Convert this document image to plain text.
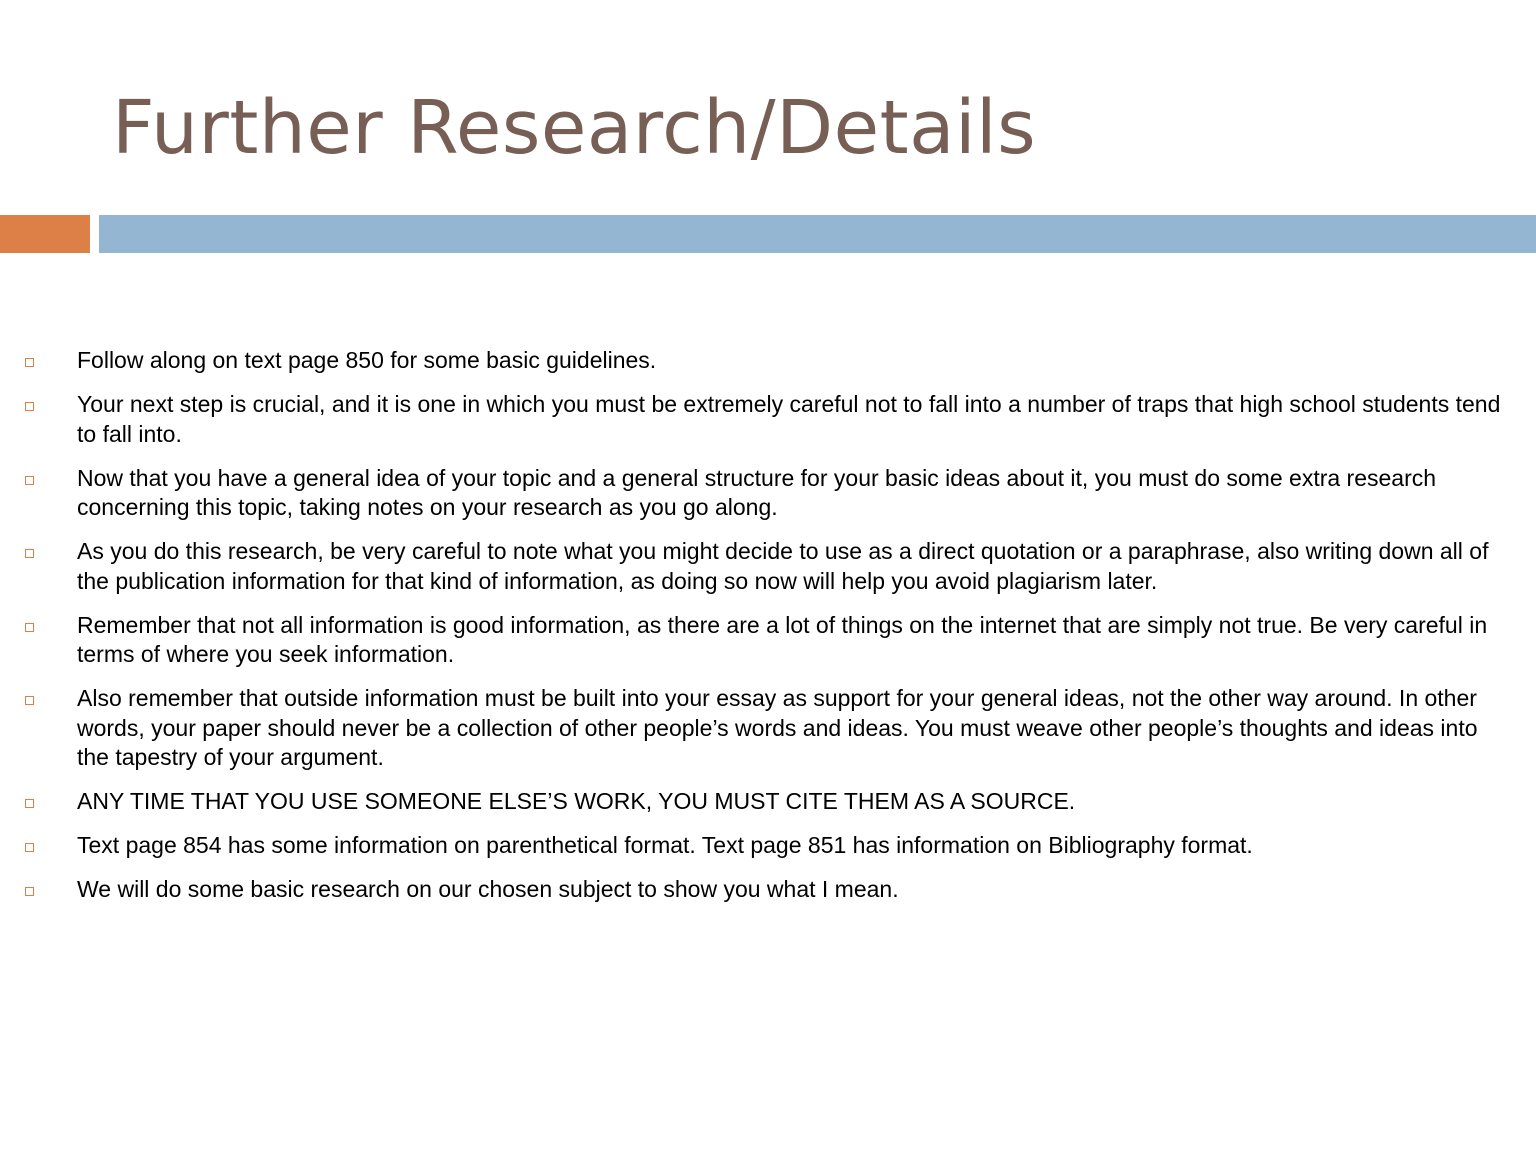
Further Research/Details
Follow along on text page 850 for some basic guidelines.
Your next step is crucial, and it is one in which you must be extremely careful not to fall into a number of traps that high school students tend to fall into.
Now that you have a general idea of your topic and a general structure for your basic ideas about it, you must do some extra research concerning this topic, taking notes on your research as you go along.
As you do this research, be very careful to note what you might decide to use as a direct quotation or a paraphrase, also writing down all of the publication information for that kind of information, as doing so now will help you avoid plagiarism later.
Remember that not all information is good information, as there are a lot of things on the internet that are simply not true. Be very careful in terms of where you seek information.
Also remember that outside information must be built into your essay as support for your general ideas, not the other way around. In other words, your paper should never be a collection of other people’s words and ideas. You must weave other people’s thoughts and ideas into the tapestry of your argument.
ANY TIME THAT YOU USE SOMEONE ELSE’S WORK, YOU MUST CITE THEM AS A SOURCE.
Text page 854 has some information on parenthetical format. Text page 851 has information on Bibliography format.
We will do some basic research on our chosen subject to show you what I mean.
